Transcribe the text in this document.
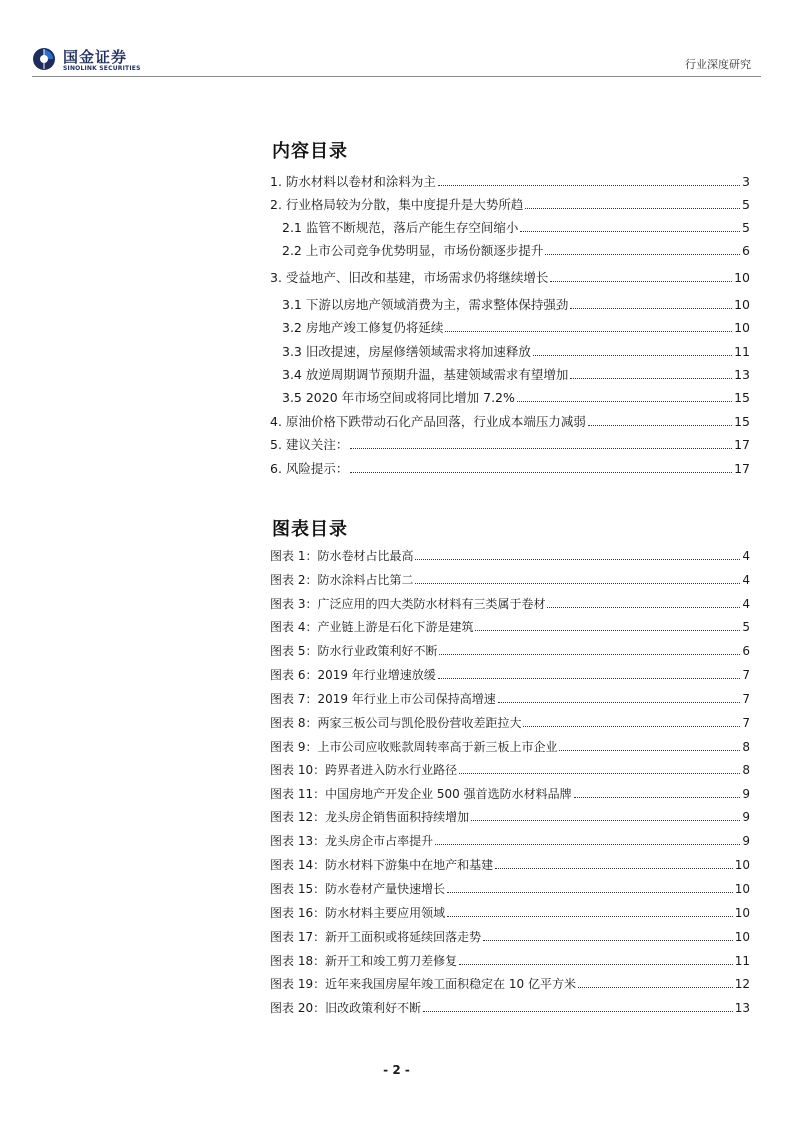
国金证券
SINOLINK SECURITIES	行业深度研究
内容目录
1. 防水材料以卷材和涂料为主	3
2. 行业格局较为分散，集中度提升是大势所趋	5
2.1 监管不断规范，落后产能生存空间缩小	5
2.2 上市公司竞争优势明显，市场份额逐步提升	6
3. 受益地产、旧改和基建，市场需求仍将继续增长	10
3.1 下游以房地产领域消费为主，需求整体保持强劲	10
3.2 房地产竣工修复仍将延续	10
3.3 旧改提速，房屋修缮领域需求将加速释放	11
3.4 放逆周期调节预期升温，基建领域需求有望增加	13
3.5 2020 年市场空间或将同比增加 7.2%	15
4. 原油价格下跌带动石化产品回落，行业成本端压力减弱	15
5. 建议关注：	17
6. 风险提示：	17
图表目录
图表 1：防水卷材占比最高	4
图表 2：防水涂料占比第二	4
图表 3：广泛应用的四大类防水材料有三类属于卷材	4
图表 4：产业链上游是石化下游是建筑	5
图表 5：防水行业政策利好不断	6
图表 6：2019 年行业增速放缓	7
图表 7：2019 年行业上市公司保持高增速	7
图表 8：两家三板公司与凯伦股份营收差距拉大	7
图表 9：上市公司应收账款周转率高于新三板上市企业	8
图表 10：跨界者进入防水行业路径	8
图表 11：中国房地产开发企业 500 强首选防水材料品牌	9
图表 12：龙头房企销售面积持续增加	9
图表 13：龙头房企市占率提升	9
图表 14：防水材料下游集中在地产和基建	10
图表 15：防水卷材产量快速增长	10
图表 16：防水材料主要应用领域	10
图表 17：新开工面积或将延续回落走势	10
图表 18：新开工和竣工剪刀差修复	11
图表 19：近年来我国房屋年竣工面积稳定在 10 亿平方米	12
图表 20：旧改政策利好不断	13
- 2 -
